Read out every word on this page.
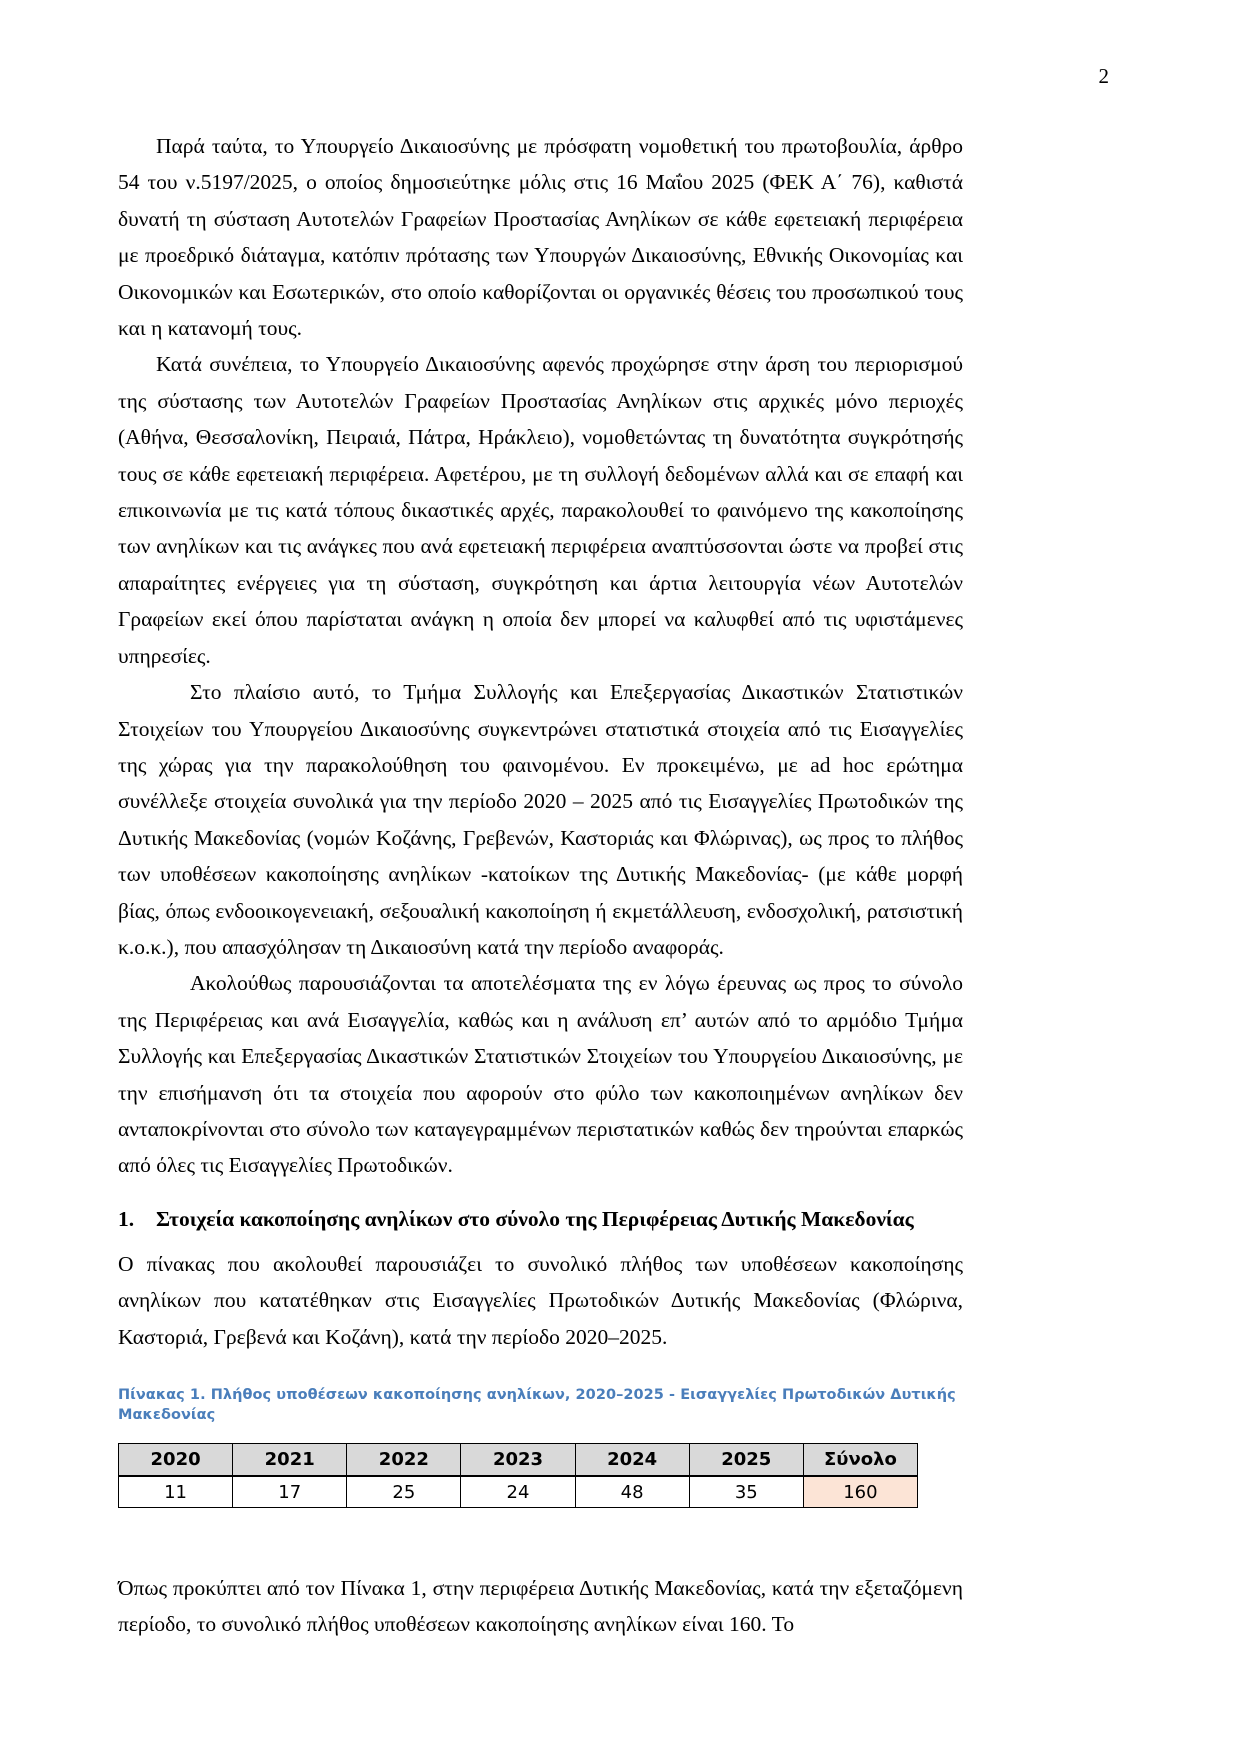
2

Παρά ταύτα, το Υπουργείο Δικαιοσύνης με πρόσφατη νομοθετική του πρωτοβουλία, άρθρο 54 του ν.5197/2025, ο οποίος δημοσιεύτηκε μόλις στις 16 Μαΐου 2025 (ΦΕΚ Α΄ 76), καθιστά δυνατή τη σύσταση Αυτοτελών Γραφείων Προστασίας Ανηλίκων σε κάθε εφετειακή περιφέρεια με προεδρικό διάταγμα, κατόπιν πρότασης των Υπουργών Δικαιοσύνης, Εθνικής Οικονομίας και Οικονομικών και Εσωτερικών, στο οποίο καθορίζονται οι οργανικές θέσεις του προσωπικού τους και η κατανομή τους.

Κατά συνέπεια, το Υπουργείο Δικαιοσύνης αφενός προχώρησε στην άρση του περιορισμού της σύστασης των Αυτοτελών Γραφείων Προστασίας Ανηλίκων στις αρχικές μόνο περιοχές (Αθήνα, Θεσσαλονίκη, Πειραιά, Πάτρα, Ηράκλειο), νομοθετώντας τη δυνατότητα συγκρότησής τους σε κάθε εφετειακή περιφέρεια. Αφετέρου, με τη συλλογή δεδομένων αλλά και σε επαφή και επικοινωνία με τις κατά τόπους δικαστικές αρχές, παρακολουθεί το φαινόμενο της κακοποίησης των ανηλίκων και τις ανάγκες που ανά εφετειακή περιφέρεια αναπτύσσονται ώστε να προβεί στις απαραίτητες ενέργειες για τη σύσταση, συγκρότηση και άρτια λειτουργία νέων Αυτοτελών Γραφείων εκεί όπου παρίσταται ανάγκη η οποία δεν μπορεί να καλυφθεί από τις υφιστάμενες υπηρεσίες.

Στο πλαίσιο αυτό, το Τμήμα Συλλογής και Επεξεργασίας Δικαστικών Στατιστικών Στοιχείων του Υπουργείου Δικαιοσύνης συγκεντρώνει στατιστικά στοιχεία από τις Εισαγγελίες της χώρας για την παρακολούθηση του φαινομένου. Εν προκειμένω, με ad hoc ερώτημα συνέλλεξε στοιχεία συνολικά για την περίοδο 2020 – 2025 από τις Εισαγγελίες Πρωτοδικών της Δυτικής Μακεδονίας (νομών Κοζάνης, Γρεβενών, Καστοριάς και Φλώρινας), ως προς το πλήθος των υποθέσεων κακοποίησης ανηλίκων -κατοίκων της Δυτικής Μακεδονίας- (με κάθε μορφή βίας, όπως ενδοοικογενειακή, σεξουαλική κακοποίηση ή εκμετάλλευση, ενδοσχολική, ρατσιστική κ.ο.κ.), που απασχόλησαν τη Δικαιοσύνη κατά την περίοδο αναφοράς.

Ακολούθως παρουσιάζονται τα αποτελέσματα της εν λόγω έρευνας ως προς το σύνολο της Περιφέρειας και ανά Εισαγγελία, καθώς και η ανάλυση επ’ αυτών από το αρμόδιο Τμήμα Συλλογής και Επεξεργασίας Δικαστικών Στατιστικών Στοιχείων του Υπουργείου Δικαιοσύνης, με την επισήμανση ότι τα στοιχεία που αφορούν στο φύλο των κακοποιημένων ανηλίκων δεν ανταποκρίνονται στο σύνολο των καταγεγραμμένων περιστατικών καθώς δεν τηρούνται επαρκώς από όλες τις Εισαγγελίες Πρωτοδικών.

1.	Στοιχεία κακοποίησης ανηλίκων στο σύνολο της Περιφέρειας Δυτικής Μακεδονίας

Ο πίνακας που ακολουθεί παρουσιάζει το συνολικό πλήθος των υποθέσεων κακοποίησης ανηλίκων που κατατέθηκαν στις Εισαγγελίες Πρωτοδικών Δυτικής Μακεδονίας (Φλώρινα, Καστοριά, Γρεβενά και Κοζάνη), κατά την περίοδο 2020–2025.

Πίνακας 1. Πλήθος υποθέσεων κακοποίησης ανηλίκων, 2020–2025 - Εισαγγελίες Πρωτοδικών Δυτικής Μακεδονίας

2020	2021	2022	2023	2024	2025	Σύνολο
11	17	25	24	48	35	160

Όπως προκύπτει από τον Πίνακα 1, στην περιφέρεια Δυτικής Μακεδονίας, κατά την εξεταζόμενη περίοδο, το συνολικό πλήθος υποθέσεων κακοποίησης ανηλίκων είναι 160. Το
